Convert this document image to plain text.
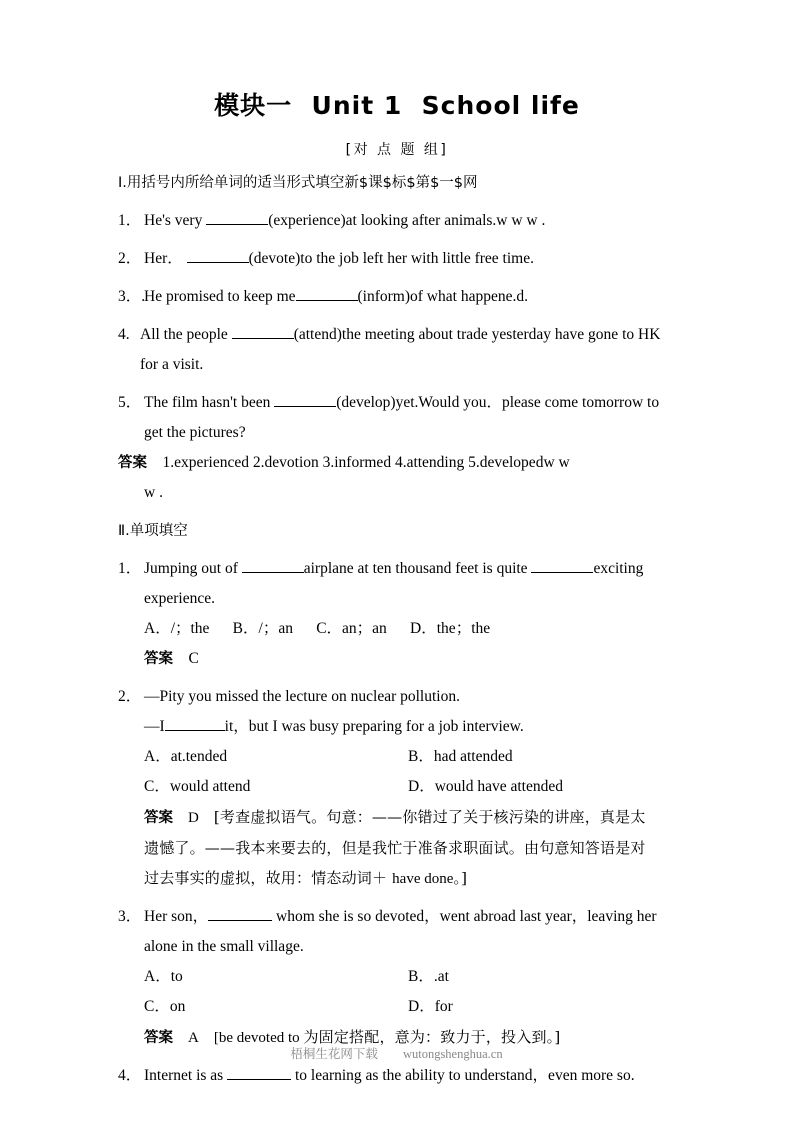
模块一  Unit 1  School life
[对 点 题 组]
Ⅰ.用括号内所给单词的适当形式填空新$课$标$第$一$网
1． He's very	(experience)at looking after animals.w w w .
2． Her．	(devote)to the job left her with little free time.
3．.
He promised to keep me	(inform)of what happene.d.
4. All the people	(attend)the meeting about trade yesterday have gone to HK
for a visit.
5． The film hasn't been	(develop)yet.Would you．please come tomorrow to
get the pictures?
答案　 1.experienced 2.devotion 3.informed 4.attending 5.developedw w
w .
Ⅱ.单项填空
1． Jumping out of	airplane at ten thousand feet is quite	exciting
experience.
A．/；the      B．/；an      C．an；an      D．the；the
答案　 C
2． —Pity you missed the lecture on nuclear pollution.
—I	it，but I was busy preparing for a job interview.
A．at.tended	B．had attended
C．would attend	D．would have attended
答案　 D　 [考查虚拟语气。句意：——你错过了关于核污染的讲座，真是太
遗憾了。——我本来要去的，但是我忙于准备求职面试。由句意知答语是对
过去事实的虚拟，故用：情态动词＋ have done。]
3． Her son，	whom she is so devoted，went abroad last year，leaving her
alone in the small village.
A．to	B．.at
C．on	D．for
答案　 A　 [be devoted to 为固定搭配，意为：致力于，投入到。]
4． Internet is as	to learning as the ability to understand，even more so.
梧桐生花网下载　　 wutongshenghua.cn
